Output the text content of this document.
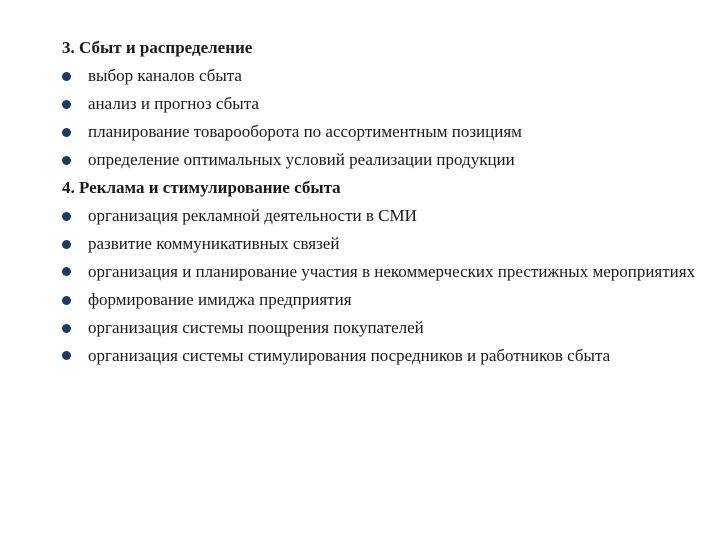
3. Сбыт и распределение
выбор каналов сбыта
анализ и прогноз сбыта
планирование товарооборота по ассортиментным позициям
определение оптимальных условий реализации продукции
4. Реклама и стимулирование сбыта
организация рекламной деятельности в СМИ
развитие коммуникативных связей
организация и планирование участия в некоммерческих престижных мероприятиях
формирование имиджа предприятия
организация системы поощрения покупателей
организация системы стимулирования посредников и работников сбыта
